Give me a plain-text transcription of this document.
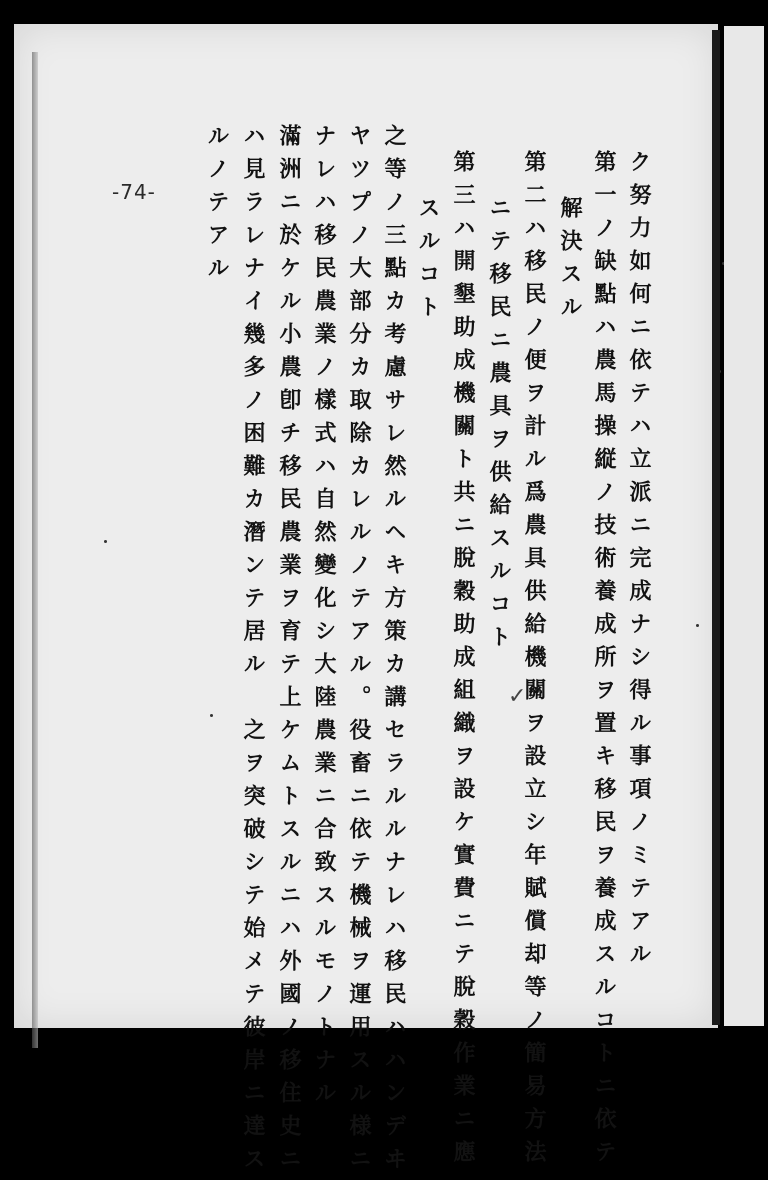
-74-	ク努力如何ニ依テハ立派ニ完成ナシ得ル事項ノミテアル
第一ノ缺點ハ農馬操縦ノ技術養成所ヲ置キ移民ヲ養成スルコトニ依テ
解決スル
第二ハ移民ノ便ヲ計ル爲農具供給機關ヲ設立シ年賦償却等ノ簡易方法
ニテ移民ニ農具ヲ供給スルコト
第三ハ開墾助成機關ト共ニ脫穀助成組織ヲ設ケ實費ニテ脫穀作業ニ應
スルコト
之等ノ三點カ考慮サレ然ルヘキ方策カ講セラルルナレハ移民ハハンデヰ
ヤツプノ大部分カ取除カレルノテアル。役畜ニ依テ機械ヲ運用スル様ニ
ナレハ移民農業ノ樣式ハ自然變化シ大陸農業ニ合致スルモノトナル
滿洲ニ於ケル小農卽チ移民農業ヲ育テ上ケムトスルニハ外國ノ移住史ニ
ハ見ラレナイ幾多ノ困難カ潛ンテ居ル　之ヲ突破シテ始メテ彼岸ニ達ス
ルノテアル
✓
